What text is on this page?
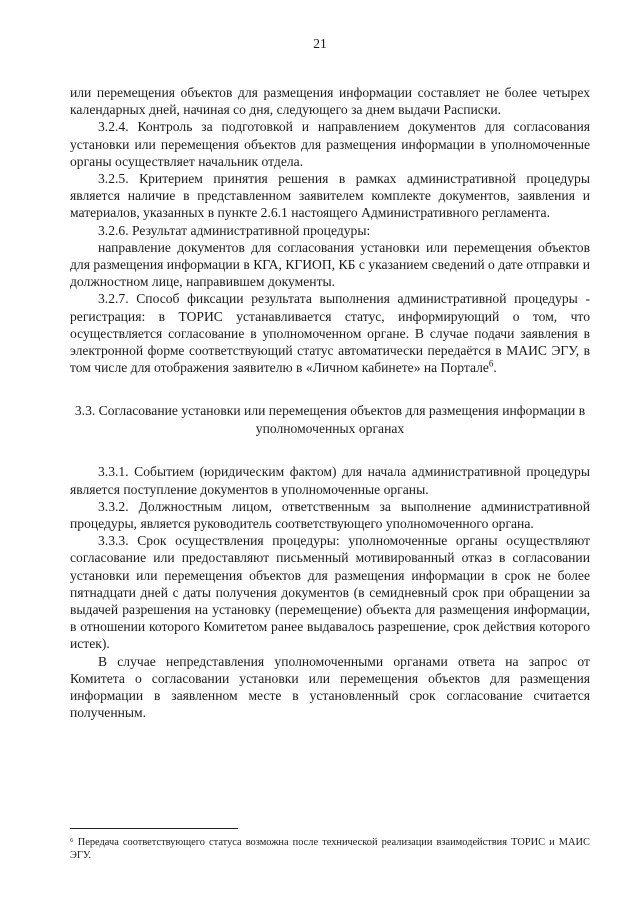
21

или перемещения объектов для размещения информации составляет не более четырех календарных дней, начиная со дня, следующего за днем выдачи Расписки.

3.2.4. Контроль за подготовкой и направлением документов для согласования установки или перемещения объектов для размещения информации в уполномоченные органы осуществляет начальник отдела.

3.2.5. Критерием принятия решения в рамках административной процедуры является наличие в представленном заявителем комплекте документов, заявления и материалов, указанных в пункте 2.6.1 настоящего Административного регламента.

3.2.6. Результат административной процедуры:

направление документов для согласования установки или перемещения объектов для размещения информации в КГА, КГИОП, КБ с указанием сведений о дате отправки и должностном лице, направившем документы.

3.2.7. Способ фиксации результата выполнения административной процедуры - регистрация: в ТОРИС устанавливается статус, информирующий о том, что осуществляется согласование в уполномоченном органе. В случае подачи заявления в электронной форме соответствующий статус автоматически передаётся в МАИС ЭГУ, в том числе для отображения заявителю в «Личном кабинете» на Портале$^6$.

3.3. Согласование установки или перемещения объектов для размещения информации в уполномоченных органах

3.3.1. Событием (юридическим фактом) для начала административной процедуры является поступление документов в уполномоченные органы.

3.3.2. Должностным лицом, ответственным за выполнение административной процедуры, является руководитель соответствующего уполномоченного органа.

3.3.3. Срок осуществления процедуры: уполномоченные органы осуществляют согласование или предоставляют письменный мотивированный отказ в согласовании установки или перемещения объектов для размещения информации в срок не более пятнадцати дней с даты получения документов (в семидневный срок при обращении за выдачей разрешения на установку (перемещение) объекта для размещения информации, в отношении которого Комитетом ранее выдавалось разрешение, срок действия которого истек).

В случае непредставления уполномоченными органами ответа на запрос от Комитета о согласовании установки или перемещения объектов для размещения информации в заявленном месте в установленный срок согласование считается полученным.

⁶ Передача соответствующего статуса возможна после технической реализации взаимодействия ТОРИС и МАИС ЭГУ.
